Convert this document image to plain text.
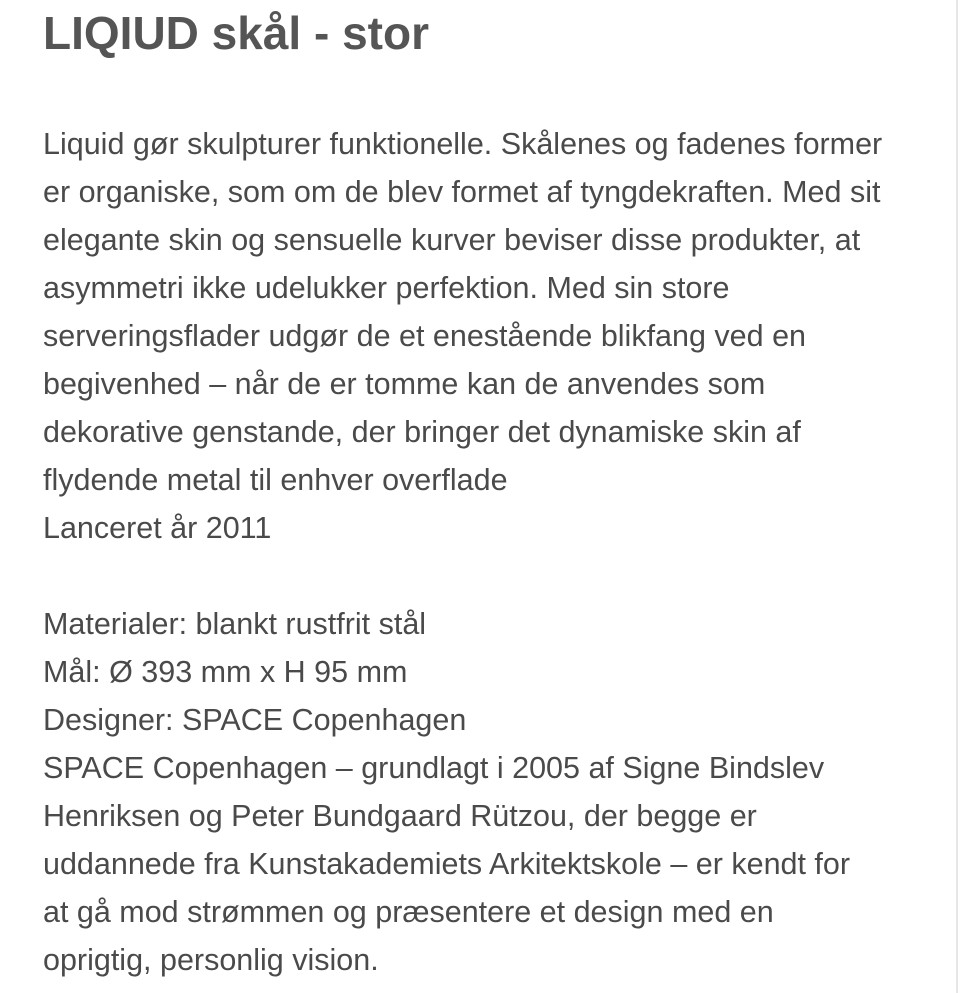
LIQIUD skål - stor
Liquid gør skulpturer funktionelle. Skålenes og fadenes former
er organiske, som om de blev formet af tyngdekraften. Med sit
elegante skin og sensuelle kurver beviser disse produkter, at
asymmetri ikke udelukker perfektion. Med sin store
serveringsflader udgør de et enestående blikfang ved en
begivenhed – når de er tomme kan de anvendes som
dekorative genstande, der bringer det dynamiske skin af
flydende metal til enhver overflade
Lanceret år 2011
Materialer: blankt rustfrit stål
Mål: Ø 393 mm x H 95 mm
Designer: SPACE Copenhagen
SPACE Copenhagen – grundlagt i 2005 af Signe Bindslev
Henriksen og Peter Bundgaard Rützou, der begge er
uddannede fra Kunstakademiets Arkitektskole – er kendt for
at gå mod strømmen og præsentere et design med en
oprigtig, personlig vision.
